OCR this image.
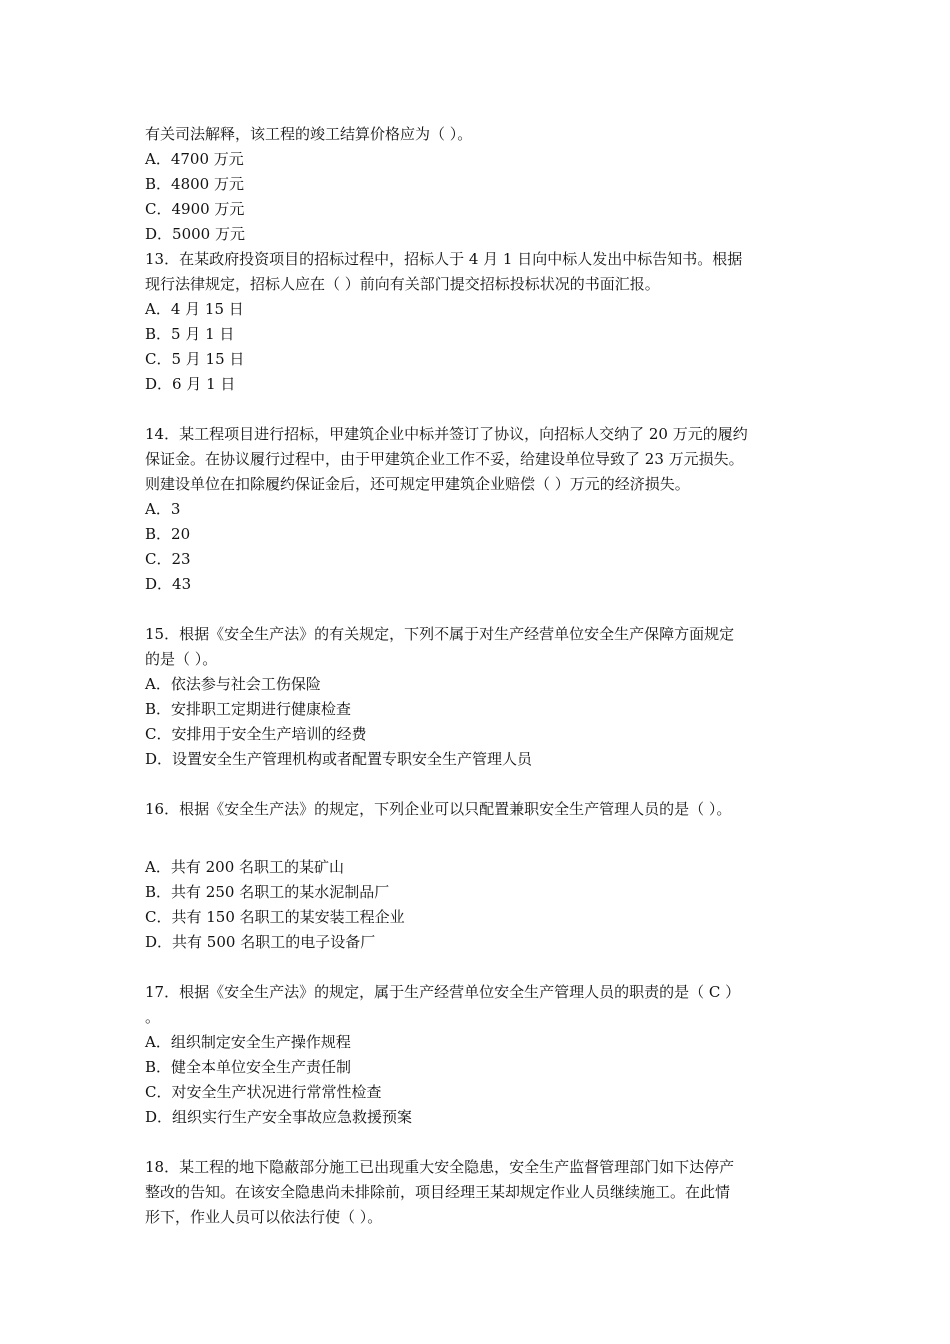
有关司法解释，该工程的竣工结算价格应为（ ）。
A．4700 万元
B．4800 万元
C．4900 万元
D．5000 万元
13．在某政府投资项目的招标过程中，招标人于 4 月 1 日向中标人发出中标告知书。根据
现行法律规定，招标人应在（ ）前向有关部门提交招标投标状况的书面汇报。
A．4 月 15 日
B．5 月 1 日
C．5 月 15 日
D．6 月 1 日
14．某工程项目进行招标，甲建筑企业中标并签订了协议，向招标人交纳了 20 万元的履约
保证金。在协议履行过程中，由于甲建筑企业工作不妥，给建设单位导致了 23 万元损失。
则建设单位在扣除履约保证金后，还可规定甲建筑企业赔偿（ ）万元的经济损失。
A．3
B．20
C．23
D．43
15．根据《安全生产法》的有关规定，下列不属于对生产经营单位安全生产保障方面规定
的是（ ）。
A．依法参与社会工伤保险
B．安排职工定期进行健康检查
C．安排用于安全生产培训的经费
D．设置安全生产管理机构或者配置专职安全生产管理人员
16．根据《安全生产法》的规定，下列企业可以只配置兼职安全生产管理人员的是（ ）。
A．共有 200 名职工的某矿山
B．共有 250 名职工的某水泥制品厂
C．共有 150 名职工的某安装工程企业
D．共有 500 名职工的电子设备厂
17．根据《安全生产法》的规定，属于生产经营单位安全生产管理人员的职责的是（ C ）
。
A．组织制定安全生产操作规程
B．健全本单位安全生产责任制
C．对安全生产状况进行常常性检查
D．组织实行生产安全事故应急救援预案
18．某工程的地下隐蔽部分施工已出现重大安全隐患，安全生产监督管理部门如下达停产
整改的告知。在该安全隐患尚未排除前，项目经理王某却规定作业人员继续施工。在此情
形下，作业人员可以依法行使（ ）。
